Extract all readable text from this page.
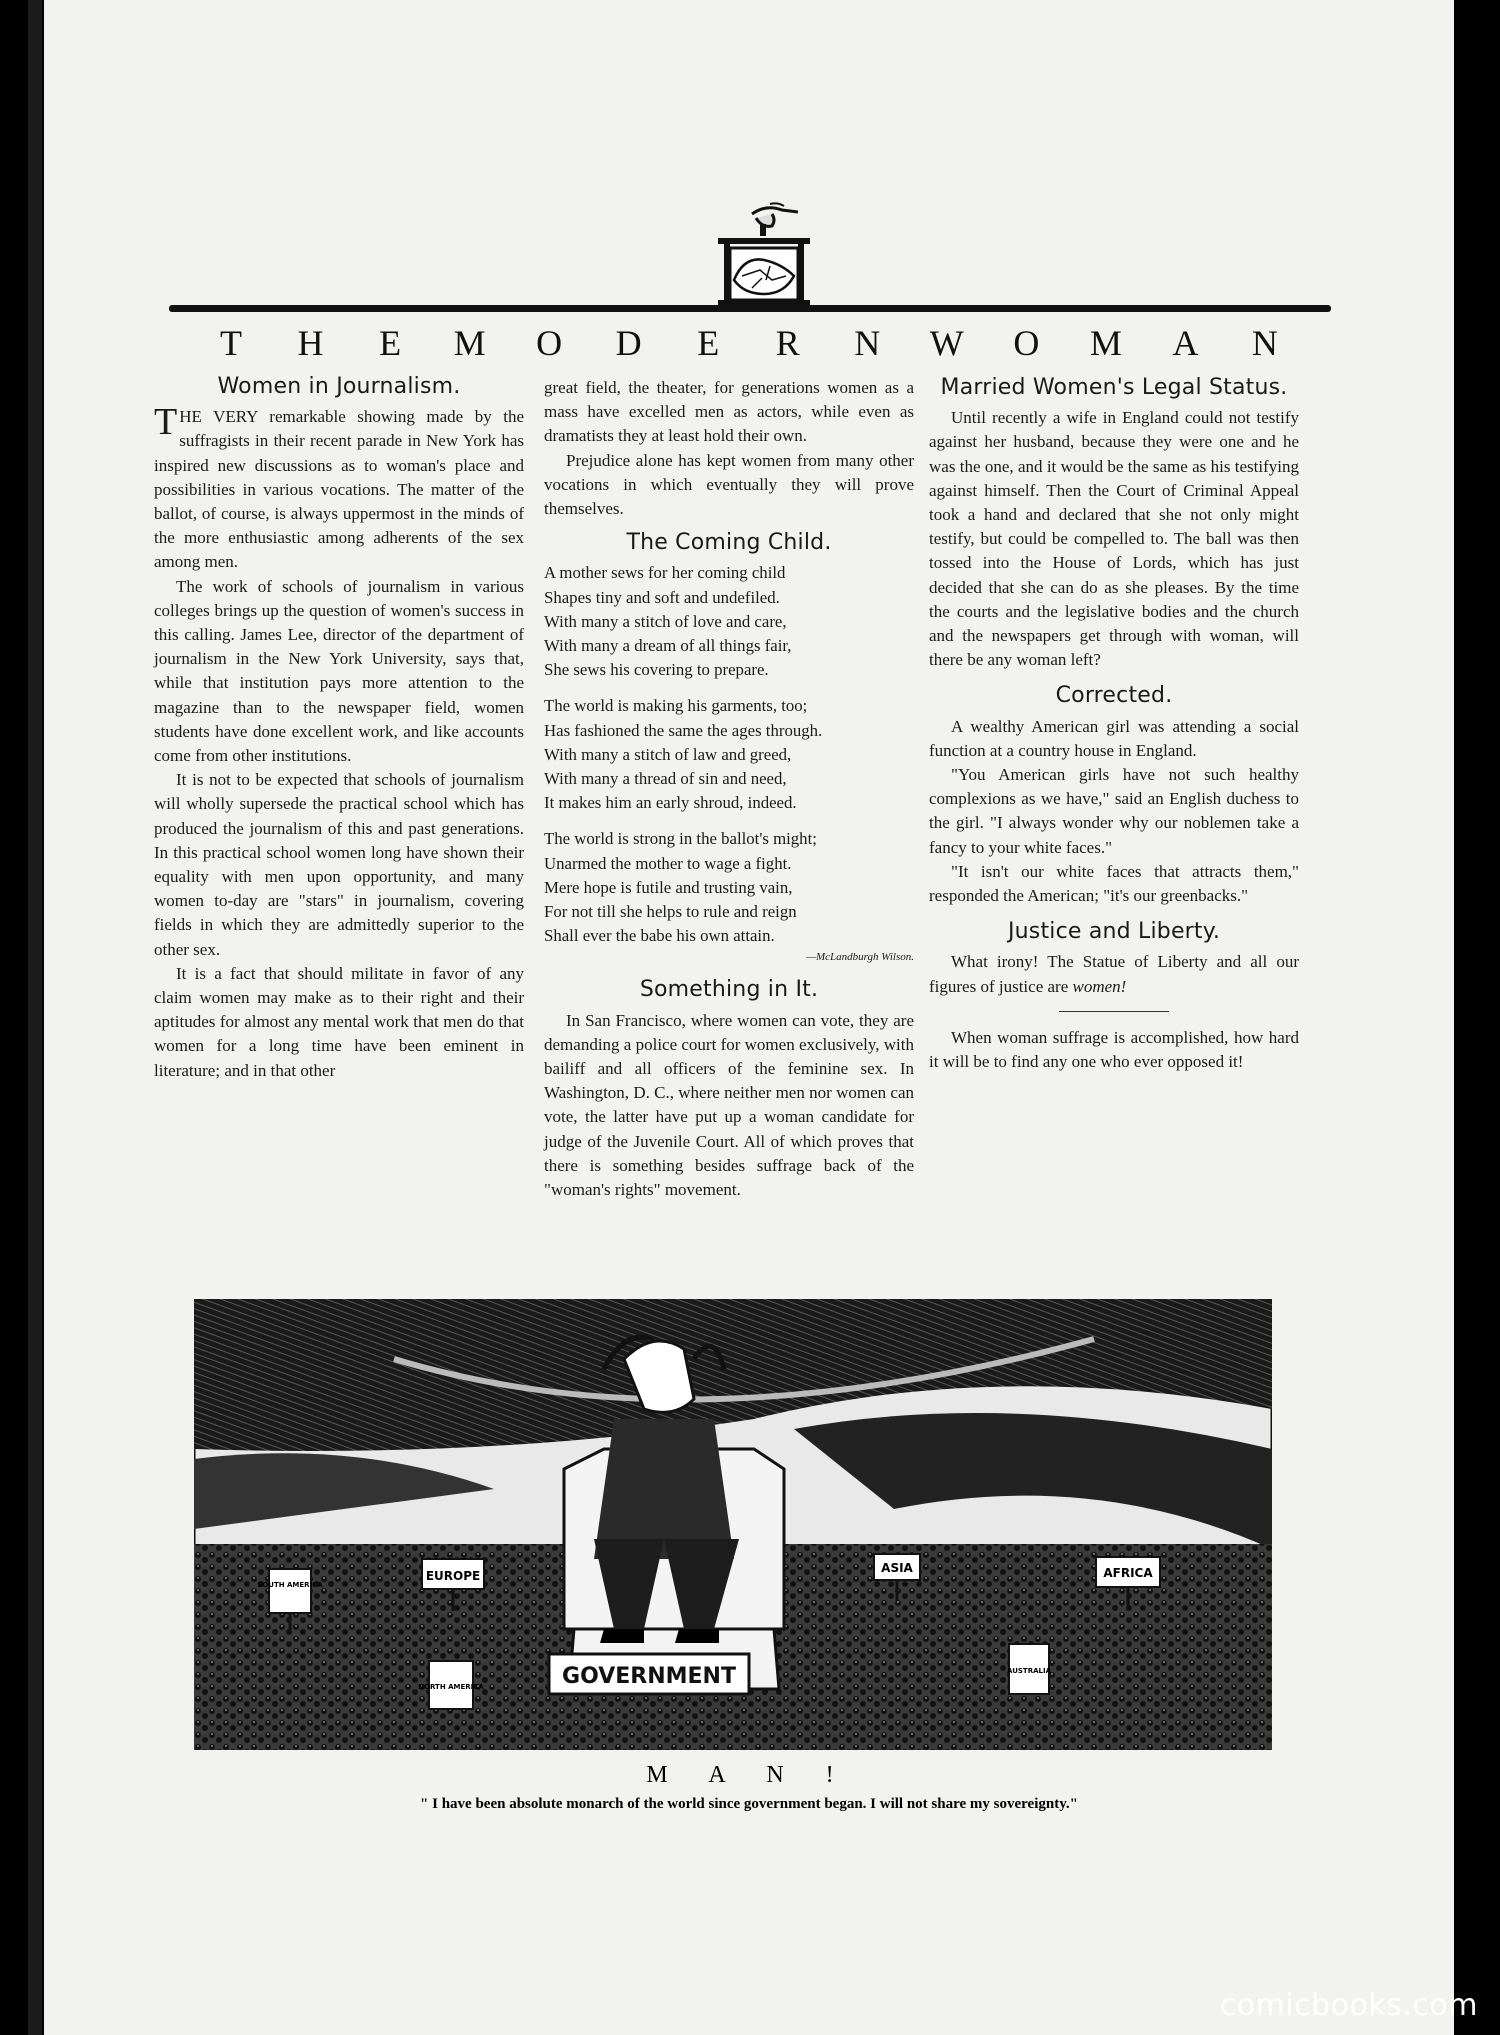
T H E M O D E R N W O M A N
Women in Journalism.

THE VERY remarkable showing made by the suffragists in their recent parade in New York has inspired new discussions as to woman's place and possibilities in various vocations. The matter of the ballot, of course, is always uppermost in the minds of the more enthusiastic among adherents of the sex among men.

The work of schools of journalism in various colleges brings up the question of women's success in this calling. James Lee, director of the department of journalism in the New York University, says that, while that institution pays more attention to the magazine than to the newspaper field, women students have done excellent work, and like accounts come from other institutions.

It is not to be expected that schools of journalism will wholly supersede the practical school which has produced the journalism of this and past generations. In this practical school women long have shown their equality with men upon opportunity, and many women to-day are "stars" in journalism, covering fields in which they are admittedly superior to the other sex.

It is a fact that should militate in favor of any claim women may make as to their right and their aptitudes for almost any mental work that men do that women for a long time have been eminent in literature; and in that other

great field, the theater, for generations women as a mass have excelled men as actors, while even as dramatists they at least hold their own.

Prejudice alone has kept women from many other vocations in which eventually they will prove themselves.

The Coming Child.
A mother sews for her coming child
Shapes tiny and soft and undefiled.
With many a stitch of love and care,
With many a dream of all things fair,
She sews his covering to prepare.
The world is making his garments, too;
Has fashioned the same the ages through.
With many a stitch of law and greed,
With many a thread of sin and need,
It makes him an early shroud, indeed.
The world is strong in the ballot's might;
Unarmed the mother to wage a fight.
Mere hope is futile and trusting vain,
For not till she helps to rule and reign
Shall ever the babe his own attain.
—McLandburgh Wilson.
Something in It.

In San Francisco, where women can vote, they are demanding a police court for women exclusively, with bailiff and all officers of the feminine sex. In Washington, D. C., where neither men nor women can vote, the latter have put up a woman candidate for judge of the Juvenile Court. All of which proves that there is something besides suffrage back of the "woman's rights" movement.

Married Women's Legal Status.

Until recently a wife in England could not testify against her husband, because they were one and he was the one, and it would be the same as his testifying against himself. Then the Court of Criminal Appeal took a hand and declared that she not only might testify, but could be compelled to. The ball was then tossed into the House of Lords, which has just decided that she can do as she pleases. By the time the courts and the legislative bodies and the church and the newspapers get through with woman, will there be any woman left?

Corrected.

A wealthy American girl was attending a social function at a country house in England.

"You American girls have not such healthy complexions as we have," said an English duchess to the girl. "I always wonder why our noblemen take a fancy to your white faces."

"It isn't our white faces that attracts them," responded the American; "it's our greenbacks."

Justice and Liberty.

What irony! The Statue of Liberty and all our figures of justice are women!

When woman suffrage is accomplished, how hard it will be to find any one who ever opposed it!

GOVERNMENT
SOUTH AMERICA
EUROPE
NORTH AMERICA
ASIA	AFRICA
AUSTRALIA
M A N !
" I have been absolute monarch of the world since government began. I will not share my sovereignty."
comicbooks.com
